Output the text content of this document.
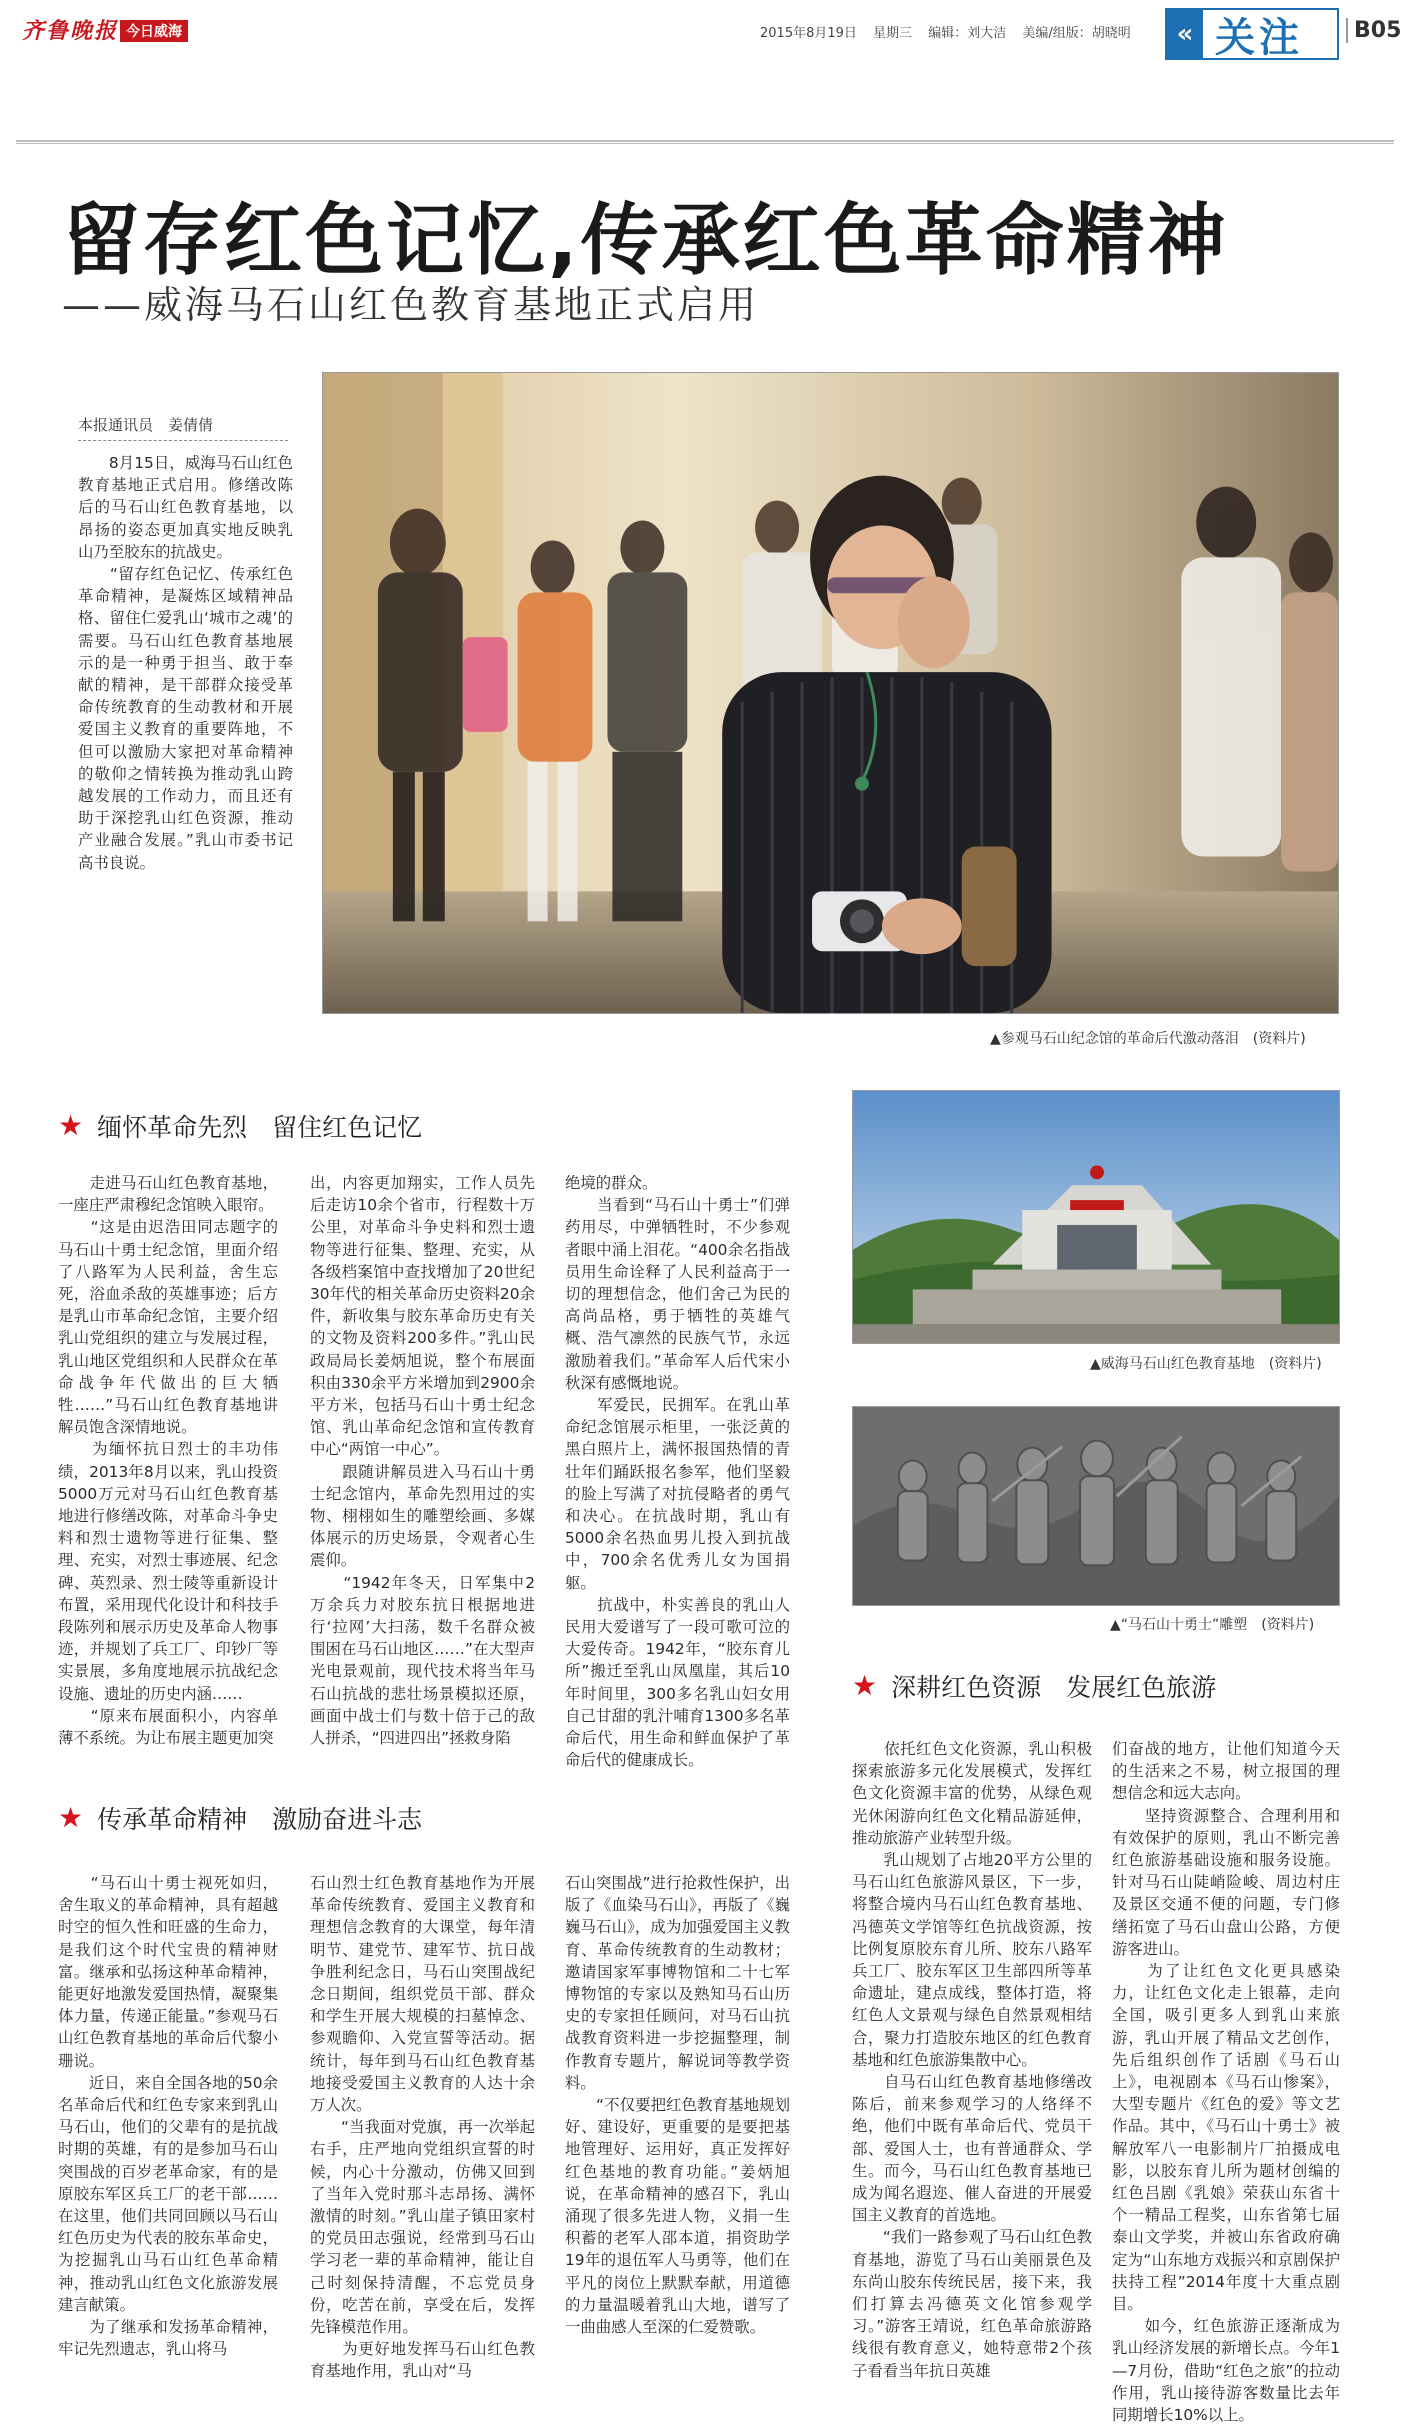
齐鲁晚报 今日威海	2015年8月19日 星期三 编辑：刘大洁 美编/组版：胡晓明	« 关注	B05
留存红色记忆,传承红色革命精神
——威海马石山红色教育基地正式启用
本报通讯员　姜倩倩
　　8月15日，威海马石山红色教育基地正式启用。修缮改陈后的马石山红色教育基地，以昂扬的姿态更加真实地反映乳山乃至胶东的抗战史。
　　“留存红色记忆、传承红色革命精神，是凝炼区域精神品格、留住仁爱乳山‘城市之魂’的需要。马石山红色教育基地展示的是一种勇于担当、敢于奉献的精神，是干部群众接受革命传统教育的生动教材和开展爱国主义教育的重要阵地，不但可以激励大家把对革命精神的敬仰之情转换为推动乳山跨越发展的工作动力，而且还有助于深挖乳山红色资源，推动产业融合发展。”乳山市委书记高书良说。
▲参观马石山纪念馆的革命后代激动落泪　(资料片)
★ 缅怀革命先烈　留住红色记忆
　　走进马石山红色教育基地，一座庄严肃穆纪念馆映入眼帘。
　　“这是由迟浩田同志题字的马石山十勇士纪念馆，里面介绍了八路军为人民利益，舍生忘死，浴血杀敌的英雄事迹；后方是乳山市革命纪念馆，主要介绍乳山党组织的建立与发展过程，乳山地区党组织和人民群众在革命战争年代做出的巨大牺牲……”马石山红色教育基地讲解员饱含深情地说。
　　为缅怀抗日烈士的丰功伟绩，2013年8月以来，乳山投资5000万元对马石山红色教育基地进行修缮改陈，对革命斗争史料和烈士遗物等进行征集、整理、充实，对烈士事迹展、纪念碑、英烈录、烈士陵等重新设计布置，采用现代化设计和科技手段陈列和展示历史及革命人物事迹，并规划了兵工厂、印钞厂等实景展，多角度地展示抗战纪念设施、遗址的历史内涵……
　　“原来布展面积小，内容单薄不系统。为让布展主题更加突
出，内容更加翔实，工作人员先后走访10余个省市，行程数十万公里，对革命斗争史料和烈士遗物等进行征集、整理、充实，从各级档案馆中查找增加了20世纪30年代的相关革命历史资料20余件，新收集与胶东革命历史有关的文物及资料200多件。”乳山民政局局长姜炳旭说，整个布展面积由330余平方米增加到2900余平方米，包括马石山十勇士纪念馆、乳山革命纪念馆和宣传教育中心“两馆一中心”。
　　跟随讲解员进入马石山十勇士纪念馆内，革命先烈用过的实物、栩栩如生的雕塑绘画、多媒体展示的历史场景，令观者心生震仰。
　　“1942年冬天，日军集中2万余兵力对胶东抗日根据地进行‘拉网’大扫荡，数千名群众被围困在马石山地区……”在大型声光电景观前，现代技术将当年马石山抗战的悲壮场景模拟还原，画面中战士们与数十倍于己的敌人拼杀，“四进四出”拯救身陷
绝境的群众。
　　当看到“马石山十勇士”们弹药用尽，中弹牺牲时，不少参观者眼中涌上泪花。“400余名指战员用生命诠释了人民利益高于一切的理想信念，他们舍己为民的高尚品格，勇于牺牲的英雄气概、浩气凛然的民族气节，永远激励着我们。”革命军人后代宋小秋深有感慨地说。
　　军爱民，民拥军。在乳山革命纪念馆展示柜里，一张泛黄的黑白照片上，满怀报国热情的青壮年们踊跃报名参军，他们坚毅的脸上写满了对抗侵略者的勇气和决心。在抗战时期，乳山有5000余名热血男儿投入到抗战中，700余名优秀儿女为国捐躯。
　　抗战中，朴实善良的乳山人民用大爱谱写了一段可歌可泣的大爱传奇。1942年，“胶东育儿所”搬迁至乳山凤凰崖，其后10年时间里，300多名乳山妇女用自己甘甜的乳汁哺育1300多名革命后代，用生命和鲜血保护了革命后代的健康成长。
▲威海马石山红色教育基地　(资料片)
▲“马石山十勇士”雕塑　(资料片)
★ 深耕红色资源　发展红色旅游
　　依托红色文化资源，乳山积极探索旅游多元化发展模式，发挥红色文化资源丰富的优势，从绿色观光休闲游向红色文化精品游延伸，推动旅游产业转型升级。
　　乳山规划了占地20平方公里的马石山红色旅游风景区，下一步，将整合境内马石山红色教育基地、冯德英文学馆等红色抗战资源，按比例复原胶东育儿所、胶东八路军兵工厂、胶东军区卫生部四所等革命遗址，建点成线，整体打造，将红色人文景观与绿色自然景观相结合，聚力打造胶东地区的红色教育基地和红色旅游集散中心。
　　自马石山红色教育基地修缮改陈后，前来参观学习的人络绎不绝，他们中既有革命后代、党员干部、爱国人士，也有普通群众、学生。而今，马石山红色教育基地已成为闻名遐迩、催人奋进的开展爱国主义教育的首选地。
　　“我们一路参观了马石山红色教育基地，游览了马石山美丽景色及东尚山胶东传统民居，接下来，我们打算去冯德英文化馆参观学习。”游客王靖说，红色革命旅游路线很有教育意义，她特意带2个孩子看看当年抗日英雄
们奋战的地方，让他们知道今天的生活来之不易，树立报国的理想信念和远大志向。
　　坚持资源整合、合理利用和有效保护的原则，乳山不断完善红色旅游基础设施和服务设施。针对马石山陡峭险峻、周边村庄及景区交通不便的问题，专门修缮拓宽了马石山盘山公路，方便游客进山。
　　为了让红色文化更具感染力，让红色文化走上银幕，走向全国，吸引更多人到乳山来旅游，乳山开展了精品文艺创作，先后组织创作了话剧《马石山上》，电视剧本《马石山惨案》，大型专题片《红色的爱》等文艺作品。其中，《马石山十勇士》被解放军八一电影制片厂拍摄成电影，以胶东育儿所为题材创编的红色吕剧《乳娘》荣获山东省十个一精品工程奖，山东省第七届泰山文学奖，并被山东省政府确定为“山东地方戏振兴和京剧保护扶持工程”2014年度十大重点剧目。
　　如今，红色旅游正逐渐成为乳山经济发展的新增长点。今年1—7月份，借助“红色之旅”的拉动作用，乳山接待游客数量比去年同期增长10%以上。
★ 传承革命精神　激励奋进斗志
　　“马石山十勇士视死如归，舍生取义的革命精神，具有超越时空的恒久性和旺盛的生命力，是我们这个时代宝贵的精神财富。继承和弘扬这种革命精神，能更好地激发爱国热情，凝聚集体力量，传递正能量。”参观马石山红色教育基地的革命后代黎小珊说。
　　近日，来自全国各地的50余名革命后代和红色专家来到乳山马石山，他们的父辈有的是抗战时期的英雄，有的是参加马石山突围战的百岁老革命家，有的是原胶东军区兵工厂的老干部……在这里，他们共同回顾以马石山红色历史为代表的胶东革命史，为挖掘乳山马石山红色革命精神，推动乳山红色文化旅游发展建言献策。
　　为了继承和发扬革命精神，牢记先烈遗志，乳山将马
石山烈士红色教育基地作为开展革命传统教育、爱国主义教育和理想信念教育的大课堂，每年清明节、建党节、建军节、抗日战争胜利纪念日，马石山突围战纪念日期间，组织党员干部、群众和学生开展大规模的扫墓悼念、参观瞻仰、入党宣誓等活动。据统计，每年到马石山红色教育基地接受爱国主义教育的人达十余万人次。
　　“当我面对党旗，再一次举起右手，庄严地向党组织宣誓的时候，内心十分激动，仿佛又回到了当年入党时那斗志昂扬、满怀激情的时刻。”乳山崖子镇田家村的党员田志强说，经常到马石山学习老一辈的革命精神，能让自己时刻保持清醒，不忘党员身份，吃苦在前，享受在后，发挥先锋模范作用。
　　为更好地发挥马石山红色教育基地作用，乳山对“马
石山突围战”进行抢救性保护，出版了《血染马石山》，再版了《巍巍马石山》，成为加强爱国主义教育、革命传统教育的生动教材；邀请国家军事博物馆和二十七军博物馆的专家以及熟知马石山历史的专家担任顾问，对马石山抗战教育资料进一步挖掘整理，制作教育专题片，解说词等教学资料。
　　“不仅要把红色教育基地规划好、建设好，更重要的是要把基地管理好、运用好，真正发挥好红色基地的教育功能。”姜炳旭说，在革命精神的感召下，乳山涌现了很多先进人物，义捐一生积蓄的老军人邵本道，捐资助学19年的退伍军人马勇等，他们在平凡的岗位上默默奉献，用道德的力量温暖着乳山大地，谱写了一曲曲感人至深的仁爱赞歌。
